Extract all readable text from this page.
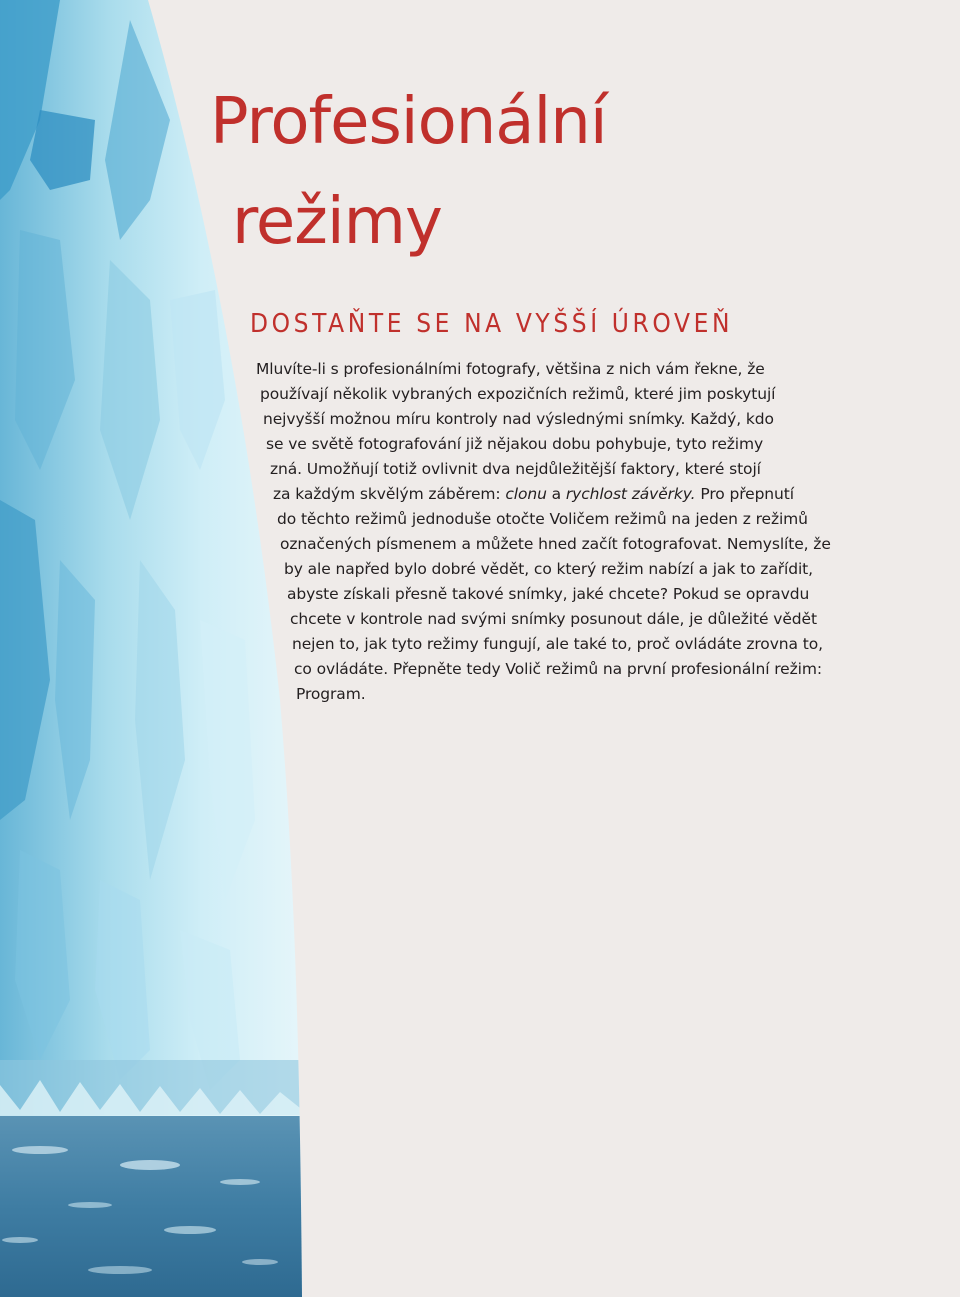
Profesionální
režimy
DOSTAŇTE SE NA VYŠŠÍ ÚROVEŇ
Mluvíte-li s profesionálními fotografy, většina z nich vám řekne, že
používají několik vybraných expozičních režimů, které jim poskytují
nejvyšší možnou míru kontroly nad výslednými snímky. Každý, kdo
se ve světě fotografování již nějakou dobu pohybuje, tyto režimy
zná. Umožňují totiž ovlivnit dva nejdůležitější faktory, které stojí
za každým skvělým záběrem: clonu a rychlost závěrky. Pro přepnutí
do těchto režimů jednoduše otočte Voličem režimů na jeden z režimů
označených písmenem a můžete hned začít fotografovat. Nemyslíte, že
by ale napřed bylo dobré vědět, co který režim nabízí a jak to zařídit,
abyste získali přesně takové snímky, jaké chcete? Pokud se opravdu
chcete v kontrole nad svými snímky posunout dále, je důležité vědět
nejen to, jak tyto režimy fungují, ale také to, proč ovládáte zrovna to,
co ovládáte. Přepněte tedy Volič režimů na první profesionální režim:
Program.
